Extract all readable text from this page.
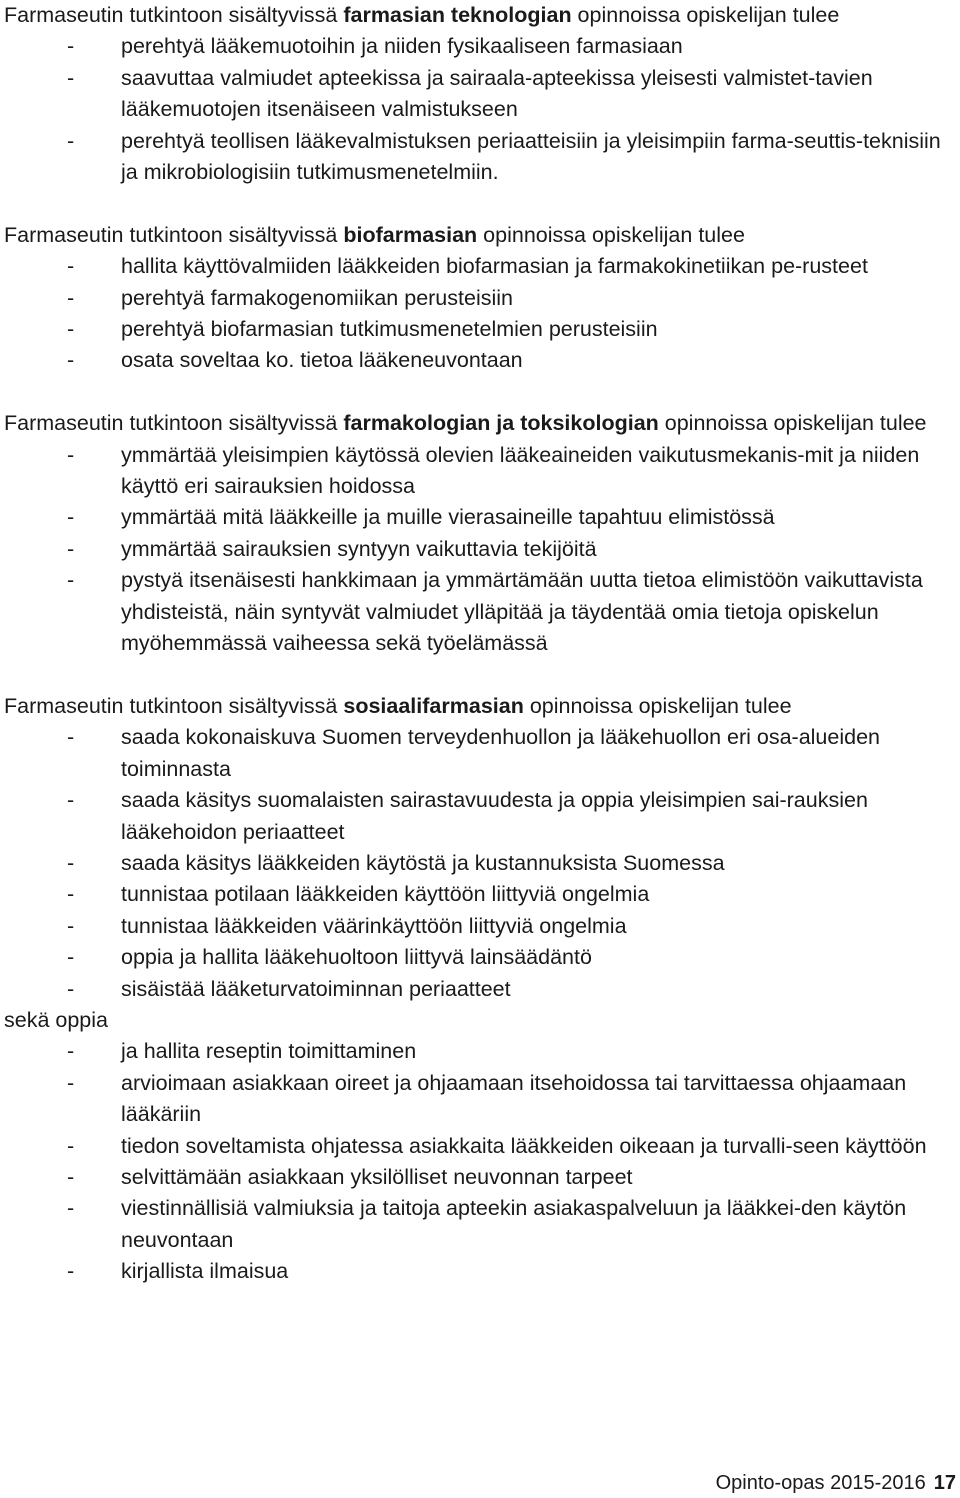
Farmaseutin tutkintoon sisältyvissä farmasian teknologian opinnoissa opiskelijan tulee

- perehtyä lääkemuotoihin ja niiden fysikaaliseen farmasiaan
- saavuttaa valmiudet apteekissa ja sairaala-apteekissa yleisesti valmistet-tavien lääkemuotojen itsenäiseen valmistukseen
- perehtyä teollisen lääkevalmistuksen periaatteisiin ja yleisimpiin farma-seuttis-teknisiin ja mikrobiologisiin tutkimusmenetelmiin.

Farmaseutin tutkintoon sisältyvissä biofarmasian opinnoissa opiskelijan tulee

- hallita käyttövalmiiden lääkkeiden biofarmasian ja farmakokinetiikan pe-rusteet
- perehtyä farmakogenomiikan perusteisiin
- perehtyä biofarmasian tutkimusmenetelmien perusteisiin
- osata soveltaa ko. tietoa lääkeneuvontaan

Farmaseutin tutkintoon sisältyvissä farmakologian ja toksikologian opinnoissa opiskelijan tulee

- ymmärtää yleisimpien käytössä olevien lääkeaineiden vaikutusmekanis-mit ja niiden käyttö eri sairauksien hoidossa
- ymmärtää mitä lääkkeille ja muille vierasaineille tapahtuu elimistössä
- ymmärtää sairauksien syntyyn vaikuttavia tekijöitä
- pystyä itsenäisesti hankkimaan ja ymmärtämään uutta tietoa elimistöön vaikuttavista yhdisteistä, näin syntyvät valmiudet ylläpitää ja täydentää omia tietoja opiskelun myöhemmässä vaiheessa sekä työelämässä

Farmaseutin tutkintoon sisältyvissä sosiaalifarmasian opinnoissa opiskelijan tulee

- saada kokonaiskuva Suomen terveydenhuollon ja lääkehuollon eri osa-alueiden toiminnasta
- saada käsitys suomalaisten sairastavuudesta ja oppia yleisimpien sai-rauksien lääkehoidon periaatteet
- saada käsitys lääkkeiden käytöstä ja kustannuksista Suomessa
- tunnistaa potilaan lääkkeiden käyttöön liittyviä ongelmia
- tunnistaa lääkkeiden väärinkäyttöön liittyviä ongelmia
- oppia ja hallita lääkehuoltoon liittyvä lainsäädäntö
- sisäistää lääketurvatoiminnan periaatteet

sekä oppia

- ja hallita reseptin toimittaminen
- arvioimaan asiakkaan oireet ja ohjaamaan itsehoidossa tai tarvittaessa ohjaamaan lääkäriin
- tiedon soveltamista ohjatessa asiakkaita lääkkeiden oikeaan ja turvalli-seen käyttöön
- selvittämään asiakkaan yksilölliset neuvonnan tarpeet
- viestinnällisiä valmiuksia ja taitoja apteekin asiakaspalveluun ja lääkkei-den käytön neuvontaan
- kirjallista ilmaisua
Opinto-opas 2015-2016 17
